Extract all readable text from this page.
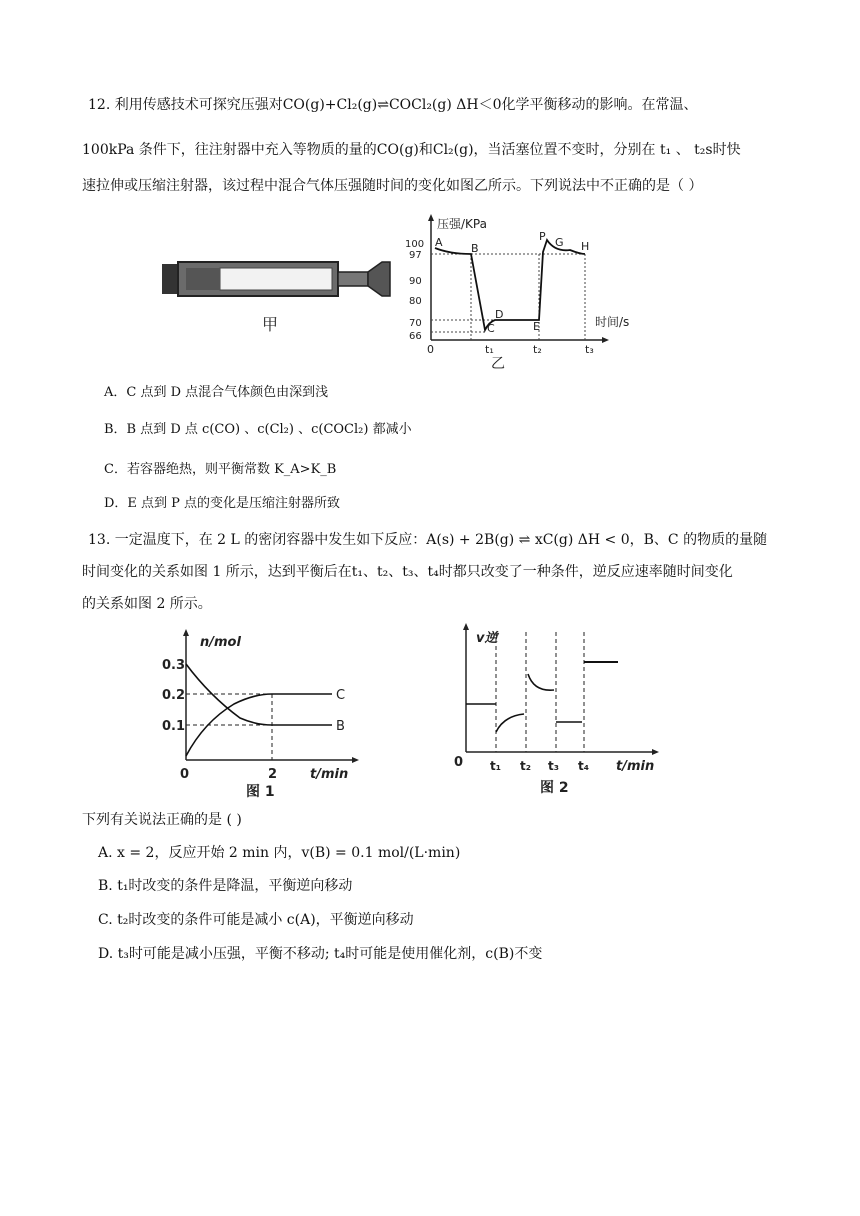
12. 利用传感技术可探究压强对CO(g)+Cl₂(g)⇌COCl₂(g) ΔH＜0化学平衡移动的影响。在常温、
100kPa 条件下，往注射器中充入等物质的量的CO(g)和Cl₂(g)，当活塞位置不变时，分别在 t₁ 、 t₂s时快
速拉伸或压缩注射器，该过程中混合气体压强随时间的变化如图乙所示。下列说法中不正确的是（ ）
甲
压强/KPa
时间/s
100
97
90
80
70
66
0	t₁	t₂	t₃
A	B
C
D
E
P G H
乙
A．C 点到 D 点混合气体颜色由深到浅
B．B 点到 D 点 c(CO) 、c(Cl₂) 、c(COCl₂) 都减小
C．若容器绝热，则平衡常数 K_A>K_B
D．E 点到 P 点的变化是压缩注射器所致
13. 一定温度下，在 2 L 的密闭容器中发生如下反应：A(s) + 2B(g) ⇌ xC(g) ΔH < 0，B、C 的物质的量随
时间变化的关系如图 1 所示，达到平衡后在t₁、t₂、t₃、t₄时都只改变了一种条件，逆反应速率随时间变化
的关系如图 2 所示。
n/mol
t/min
0.3
0.2
0.1
0	2
C
B
图 1
v逆
t/min
0 t₁ t₂ t₃ t₄
图 2
下列有关说法正确的是 ( )
A. x = 2，反应开始 2 min 内，v(B) = 0.1 mol/(L·min)
B. t₁时改变的条件是降温，平衡逆向移动
C. t₂时改变的条件可能是减小 c(A)，平衡逆向移动
D. t₃时可能是减小压强，平衡不移动; t₄时可能是使用催化剂，c(B)不变
